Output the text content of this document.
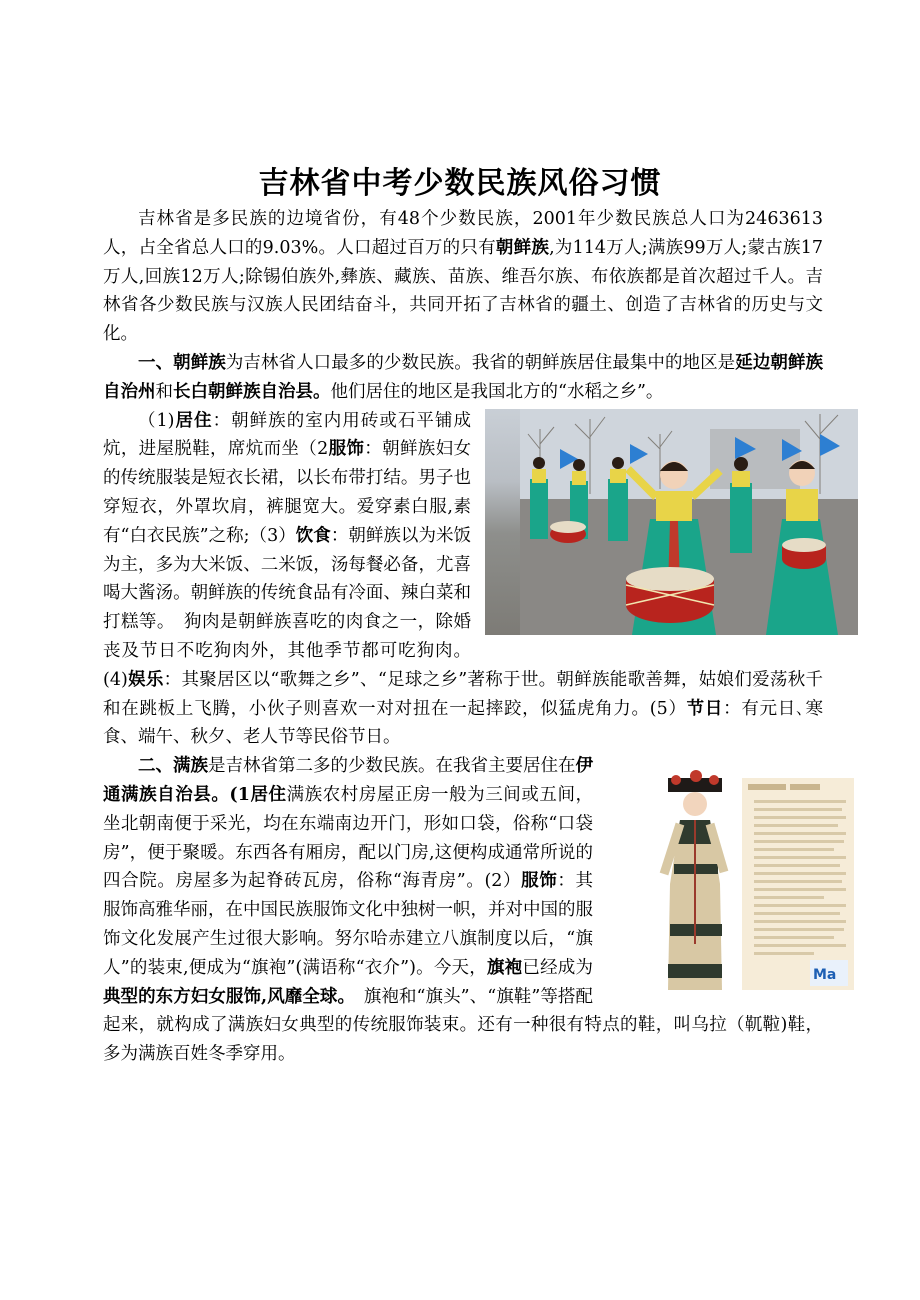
吉林省中考少数民族风俗习惯

吉林省是多民族的边境省份，有48个少数民族，2001年少数民族总人口为2463613人，占全省总人口的9.03%。人口超过百万的只有朝鲜族,为114万人;满族99万人;蒙古族17万人,回族12万人;除锡伯族外,彝族、藏族、苗族、维吾尔族、布依族都是首次超过千人。吉林省各少数民族与汉族人民团结奋斗，共同开拓了吉林省的疆土、创造了吉林省的历史与文化。

一、朝鲜族为吉林省人口最多的少数民族。我省的朝鲜族居住最集中的地区是延边朝鲜族自治州和长白朝鲜族自治县。他们居住的地区是我国北方的“水稻之乡”。

（1)居住：朝鲜族的室内用砖或石平铺成炕，进屋脱鞋，席炕而坐（2服饰：朝鲜族妇女的传统服装是短衣长裙，以长布带打结。男子也穿短衣，外罩坎肩，裤腿宽大。爱穿素白服,素有“白衣民族”之称;（3）饮食：朝鲜族以为米饭为主，多为大米饭、二米饭，汤每餐必备，尤喜喝大酱汤。朝鲜族的传统食品有冷面、辣白菜和打糕等。　狗肉是朝鲜族喜吃的肉食之一，除婚丧及节日不吃狗肉外，其他季节都可吃狗肉。(4)娱乐：其聚居区以“歌舞之乡”、“足球之乡”著称于世。朝鲜族能歌善舞，姑娘们爱荡秋千和在跳板上飞腾，小伙子则喜欢一对对扭在一起摔跤，似猛虎角力。(5）节日：有元日､寒食、端午、秋夕、老人节等民俗节日。

Ma
二、满族是吉林省第二多的少数民族。在我省主要居住在伊通满族自治县。(1居住满族农村房屋正房一般为三间或五间，坐北朝南便于采光，均在东端南边开门，形如口袋，俗称“口袋房”，便于聚暖。东西各有厢房，配以门房,这便构成通常所说的四合院。房屋多为起脊砖瓦房，俗称“海青房”。(2）服饰：其服饰高雅华丽，在中国民族服饰文化中独树一帜，并对中国的服饰文化发展产生过很大影响。努尔哈赤建立八旗制度以后，“旗人”的装束,便成为“旗袍”(满语称“衣介”)。今天，旗袍已经成为典型的东方妇女服饰,风靡全球。　旗袍和“旗头”、“旗鞋”等搭配起来，就构成了满族妇女典型的传统服饰装束。还有一种很有特点的鞋，叫乌拉（靰鞡)鞋，多为满族百姓冬季穿用。
